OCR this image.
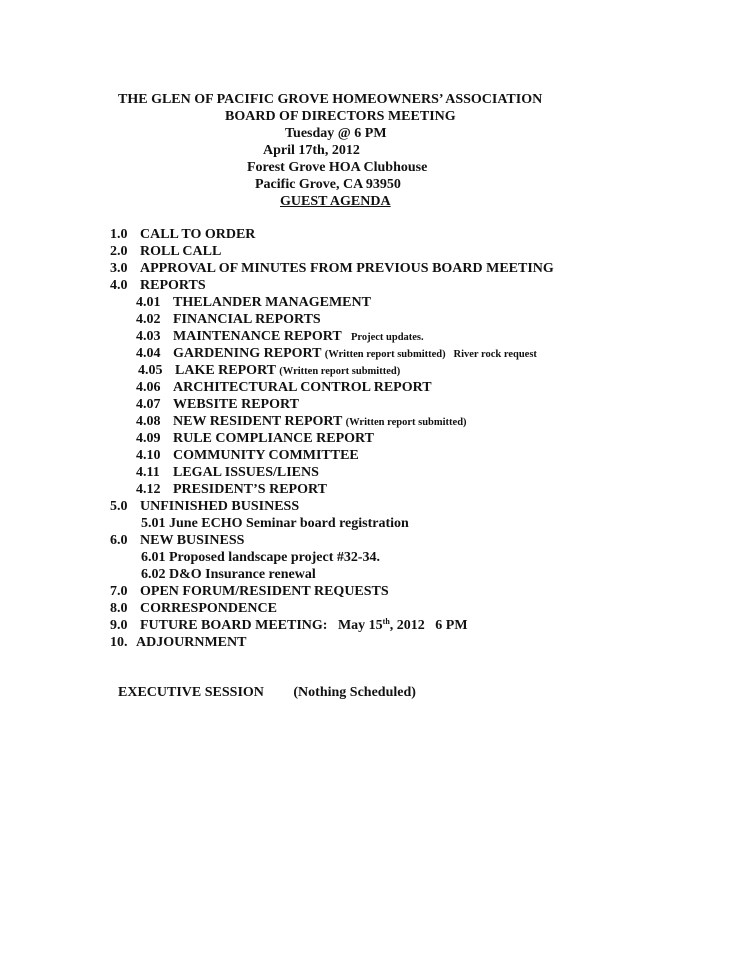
THE GLEN OF PACIFIC GROVE HOMEOWNERS’ ASSOCIATION
BOARD OF DIRECTORS MEETING
Tuesday @ 6 PM
April 17th, 2012
Forest Grove HOA Clubhouse
Pacific Grove, CA 93950
GUEST AGENDA
1.0 CALL TO ORDER
2.0 ROLL CALL
3.0 APPROVAL OF MINUTES FROM PREVIOUS BOARD MEETING
4.0 REPORTS
4.01 THELANDER MANAGEMENT
4.02 FINANCIAL REPORTS
4.03 MAINTENANCE REPORT Project updates.
4.04 GARDENING REPORT (Written report submitted)   River rock request
4.05 LAKE REPORT (Written report submitted)
4.06 ARCHITECTURAL CONTROL REPORT
4.07 WEBSITE REPORT
4.08 NEW RESIDENT REPORT (Written report submitted)
4.09 RULE COMPLIANCE REPORT
4.10 COMMUNITY COMMITTEE
4.11 LEGAL ISSUES/LIENS
4.12 PRESIDENT’S REPORT
5.0 UNFINISHED BUSINESS
5.01 June ECHO Seminar board registration
6.0 NEW BUSINESS
6.01 Proposed landscape project #32-34.
6.02 D&O Insurance renewal
7.0 OPEN FORUM/RESIDENT REQUESTS
8.0 CORRESPONDENCE
9.0 FUTURE BOARD MEETING:   May 15th, 2012   6 PM
10. ADJOURNMENT
EXECUTIVE SESSION (Nothing Scheduled)
